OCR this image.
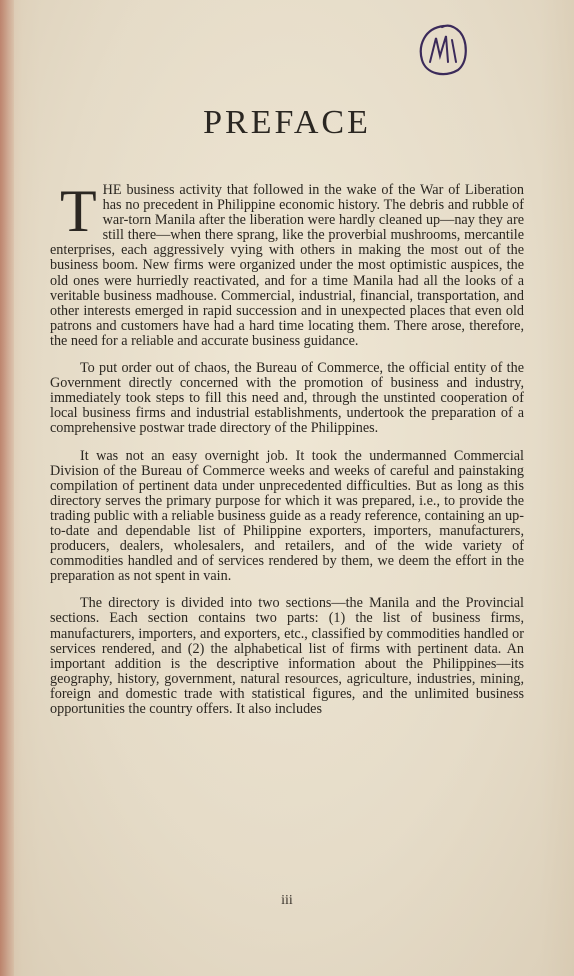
PREFACE

THE business activity that followed in the wake of the War of Liberation has no precedent in Philippine economic history. The debris and rubble of war-torn Manila after the liberation were hardly cleaned up—nay they are still there—when there sprang, like the proverbial mushrooms, mercantile enterprises, each aggressively vying with others in making the most out of the business boom. New firms were organized under the most optimistic auspices, the old ones were hurriedly reactivated, and for a time Manila had all the looks of a veritable business madhouse. Commercial, industrial, financial, transportation, and other interests emerged in rapid succession and in unexpected places that even old patrons and customers have had a hard time locating them. There arose, therefore, the need for a reliable and accurate business guidance.

To put order out of chaos, the Bureau of Commerce, the official entity of the Government directly concerned with the promotion of business and industry, immediately took steps to fill this need and, through the unstinted cooperation of local business firms and industrial establishments, undertook the preparation of a comprehensive postwar trade directory of the Philippines.

It was not an easy overnight job. It took the undermanned Commercial Division of the Bureau of Commerce weeks and weeks of careful and painstaking compilation of pertinent data under unprecedented difficulties. But as long as this directory serves the primary purpose for which it was prepared, i.e., to provide the trading public with a reliable business guide as a ready reference, containing an up-to-date and dependable list of Philippine exporters, importers, manufacturers, producers, dealers, wholesalers, and retailers, and of the wide variety of commodities handled and of services rendered by them, we deem the effort in the preparation as not spent in vain.

The directory is divided into two sections—the Manila and the Provincial sections. Each section contains two parts: (1) the list of business firms, manufacturers, importers, and exporters, etc., classified by commodities handled or services rendered, and (2) the alphabetical list of firms with pertinent data. An important addition is the descriptive information about the Philippines—its geography, history, government, natural resources, agriculture, industries, mining, foreign and domestic trade with statistical figures, and the unlimited business opportunities the country offers. It also includes

iii
